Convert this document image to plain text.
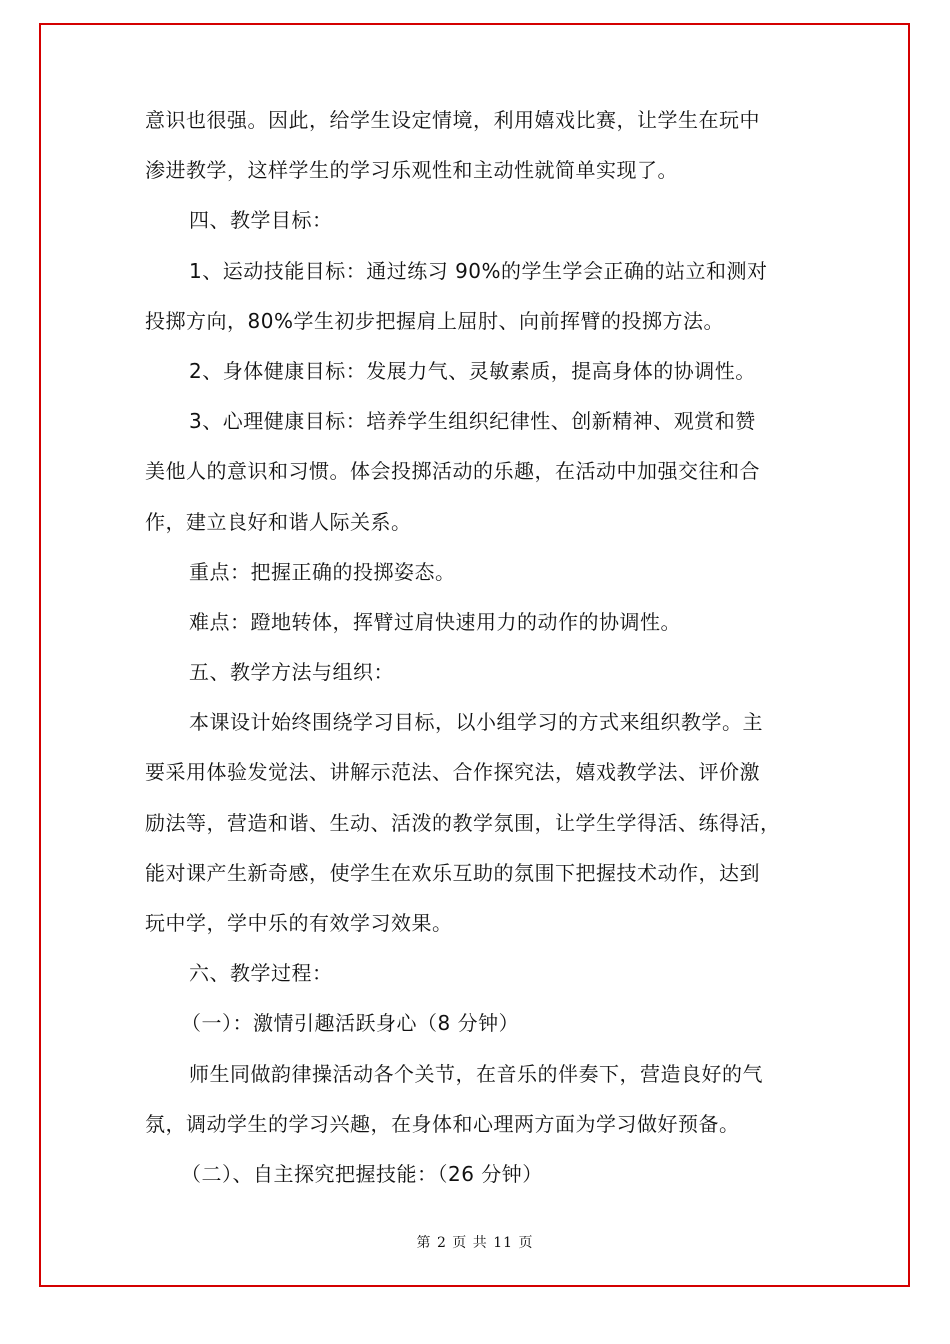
意识也很强。因此，给学生设定情境，利用嬉戏比赛，让学生在玩中
渗进教学，这样学生的学习乐观性和主动性就简单实现了。
四、教学目标：
1、运动技能目标：通过练习 90%的学生学会正确的站立和测对
投掷方向，80%学生初步把握肩上屈肘、向前挥臂的投掷方法。
2、身体健康目标：发展力气、灵敏素质，提高身体的协调性。
3、心理健康目标：培养学生组织纪律性、创新精神、观赏和赞
美他人的意识和习惯。体会投掷活动的乐趣，在活动中加强交往和合
作，建立良好和谐人际关系。
重点：把握正确的投掷姿态。
难点：蹬地转体，挥臂过肩快速用力的动作的协调性。
五、教学方法与组织：
本课设计始终围绕学习目标，以小组学习的方式来组织教学。主
要采用体验发觉法、讲解示范法、合作探究法，嬉戏教学法、评价激
励法等，营造和谐、生动、活泼的教学氛围，让学生学得活、练得活，
能对课产生新奇感，使学生在欢乐互助的氛围下把握技术动作，达到
玩中学，学中乐的有效学习效果。
六、教学过程：
（一）：激情引趣活跃身心（8 分钟）
师生同做韵律操活动各个关节，在音乐的伴奏下，营造良好的气
氛，调动学生的学习兴趣，在身体和心理两方面为学习做好预备。
（二）、自主探究把握技能：（26 分钟）
第 2 页 共 11 页
